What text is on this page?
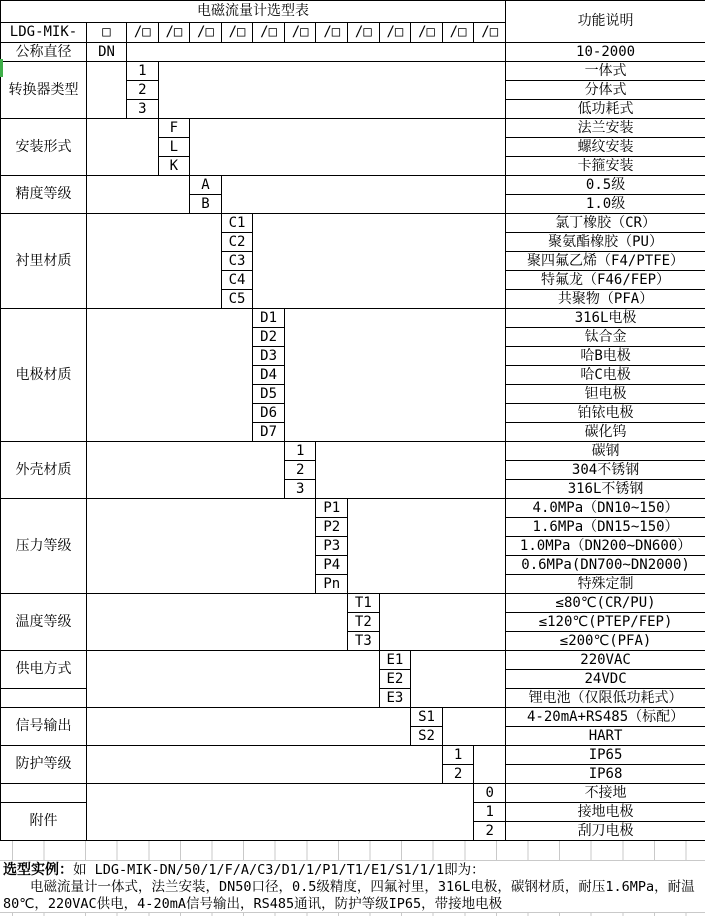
电磁流量计选型表														功能说明
LDG-MIK-	□	/□	/□	/□	/□	/□	/□	/□	/□	/□	/□	/□	/□	
公称直径	DN													10-2000
转换器类型		1												一体式
		2												分体式
		3												低功耗式
安装形式			F											法兰安装
			L											螺纹安装
			K											卡箍安装
精度等级				A										0.5级
				B										1.0级
衬里材质					C1									氯丁橡胶（CR）
					C2									聚氨酯橡胶（PU）
					C3									聚四氟乙烯（F4/PTFE）
					C4									特氟龙（F46/FEP）
					C5									共聚物（PFA）
电极材质						D1								316L电极
						D2								钛合金
						D3								哈B电极
						D4								哈C电极
						D5								钽电极
						D6								铂铱电极
						D7								碳化钨
外壳材质							1							碳钢
							2							304不锈钢
							3							316L不锈钢
压力等级								P1						4.0MPa（DN10~150）
								P2						1.6MPa（DN15~150）
								P3						1.0MPa（DN200~DN600）
								P4						0.6MPa(DN700~DN2000)
								Pn						特殊定制
温度等级									T1					≤80℃(CR/PU)
									T2					≤120℃(PTEP/FEP)
									T3					≤200℃(PFA)
供电方式										E1				220VAC
										E2				24VDC
										E3				锂电池（仅限低功耗式）
信号输出											S1			4-20mA+RS485（标配）
											S2			HART
防护等级												1		IP65
												2		IP68
													0	不接地
附件													1	接地电极
													2	刮刀电极
选型实例：如 LDG-MIK-DN/50/1/F/A/C3/D1/1/P1/T1/E1/S1/1/1即为：
电磁流量计一体式，法兰安装，DN50口径，0.5级精度，四氟衬里，316L电极，碳钢材质，耐压1.6MPa，耐温80℃，220VAC供电，4-20mA信号输出，RS485通讯，防护等级IP65，带接地电极
